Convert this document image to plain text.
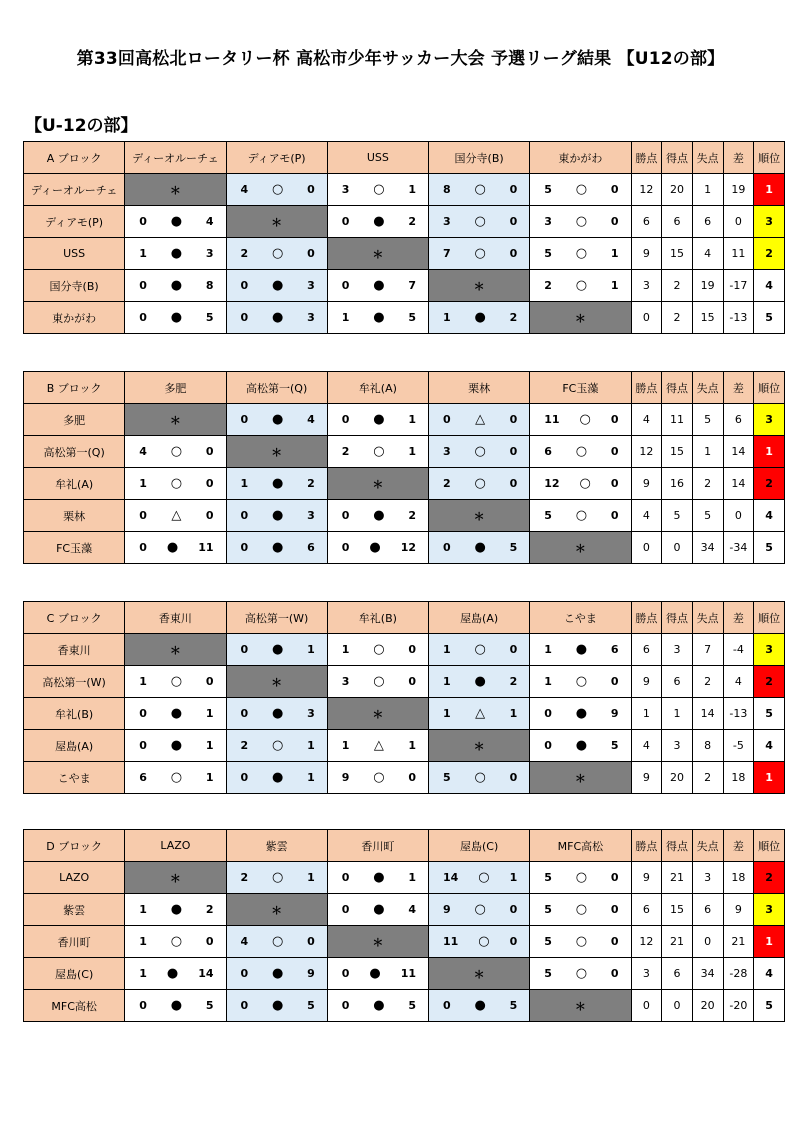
第33回高松北ロータリー杯 高松市少年サッカー大会 予選リーグ結果 【U12の部】
【U-12の部】
A ブロック	ディーオルーチェ	ディアモ(P)	USS	国分寺(B)	東かがわ	勝点	得点	失点	差	順位
ディーオルーチェ	＊	4 ○ 0	3 ○ 1	8 ○ 0	5 ○ 0	12	20	1	19	1
ディアモ(P)	0 ● 4	＊	0 ● 2	3 ○ 0	3 ○ 0	6	6	6	0	3
USS	1 ● 3	2 ○ 0	＊	7 ○ 0	5 ○ 1	9	15	4	11	2
国分寺(B)	0 ● 8	0 ● 3	0 ● 7	＊	2 ○ 1	3	2	19	-17	4
東かがわ	0 ● 5	0 ● 3	1 ● 5	1 ● 2	＊	0	2	15	-13	5
B ブロック	多肥	高松第一(Q)	牟礼(A)	栗林	FC玉藻	勝点	得点	失点	差	順位
多肥	＊	0 ● 4	0 ● 1	0 △ 0	11 ○ 0	4	11	5	6	3
高松第一(Q)	4 ○ 0	＊	2 ○ 1	3 ○ 0	6 ○ 0	12	15	1	14	1
牟礼(A)	1 ○ 0	1 ● 2	＊	2 ○ 0	12 ○ 0	9	16	2	14	2
栗林	0 △ 0	0 ● 3	0 ● 2	＊	5 ○ 0	4	5	5	0	4
FC玉藻	0 ● 11	0 ● 6	0 ● 12	0 ● 5	＊	0	0	34	-34	5
C ブロック	香東川	高松第一(W)	牟礼(B)	屋島(A)	こやま	勝点	得点	失点	差	順位
香東川	＊	0 ● 1	1 ○ 0	1 ○ 0	1 ● 6	6	3	7	-4	3
高松第一(W)	1 ○ 0	＊	3 ○ 0	1 ● 2	1 ○ 0	9	6	2	4	2
牟礼(B)	0 ● 1	0 ● 3	＊	1 △ 1	0 ● 9	1	1	14	-13	5
屋島(A)	0 ● 1	2 ○ 1	1 △ 1	＊	0 ● 5	4	3	8	-5	4
こやま	6 ○ 1	0 ● 1	9 ○ 0	5 ○ 0	＊	9	20	2	18	1
D ブロック	LAZO	紫雲	香川町	屋島(C)	MFC高松	勝点	得点	失点	差	順位
LAZO	＊	2 ○ 1	0 ● 1	14 ○ 1	5 ○ 0	9	21	3	18	2
紫雲	1 ● 2	＊	0 ● 4	9 ○ 0	5 ○ 0	6	15	6	9	3
香川町	1 ○ 0	4 ○ 0	＊	11 ○ 0	5 ○ 0	12	21	0	21	1
屋島(C)	1 ● 14	0 ● 9	0 ● 11	＊	5 ○ 0	3	6	34	-28	4
MFC高松	0 ● 5	0 ● 5	0 ● 5	0 ● 5	＊	0	0	20	-20	5
